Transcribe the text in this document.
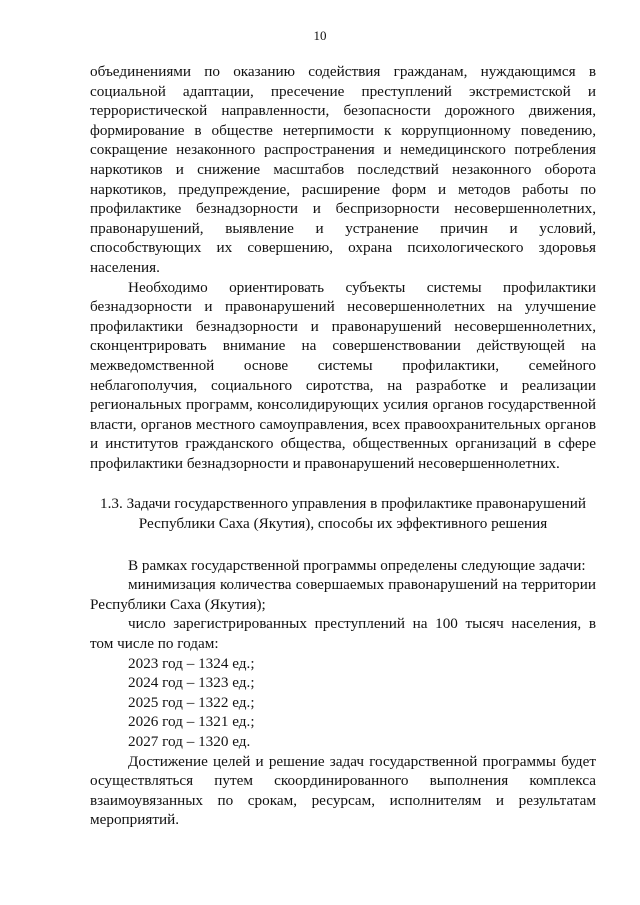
10

объединениями по оказанию содействия гражданам, нуждающимся в социальной адаптации, пресечение преступлений экстремистской и террористической направленности, безопасности дорожного движения, формирование в обществе нетерпимости к коррупционному поведению, сокращение незаконного распространения и немедицинского потребления наркотиков и снижение масштабов последствий незаконного оборота наркотиков, предупреждение, расширение форм и методов работы по профилактике безнадзорности и беспризорности несовершеннолетних, правонарушений, выявление и устранение причин и условий, способствующих их совершению, охрана психологического здоровья населения.

Необходимо ориентировать субъекты системы профилактики безнадзорности и правонарушений несовершеннолетних на улучшение профилактики безнадзорности и правонарушений несовершеннолетних, сконцентрировать внимание на совершенствовании действующей на межведомственной основе системы профилактики, семейного неблагополучия, социального сиротства, на разработке и реализации региональных программ, консолидирующих усилия органов государственной власти, органов местного самоуправления, всех правоохранительных органов и институтов гражданского общества, общественных организаций в сфере профилактики безнадзорности и правонарушений несовершеннолетних.

1.3. Задачи государственного управления в профилактике правонарушений
Республики Саха (Якутия), способы их эффективного решения

В рамках государственной программы определены следующие задачи:

минимизация количества совершаемых правонарушений на территории Республики Саха (Якутия);

число зарегистрированных преступлений на 100 тысяч населения, в том числе по годам:

2023 год – 1324 ед.;

2024 год – 1323 ед.;

2025 год – 1322 ед.;

2026 год – 1321 ед.;

2027 год – 1320 ед.

Достижение целей и решение задач государственной программы будет осуществляться путем скоординированного выполнения комплекса взаимоувязанных по срокам, ресурсам, исполнителям и результатам мероприятий.
